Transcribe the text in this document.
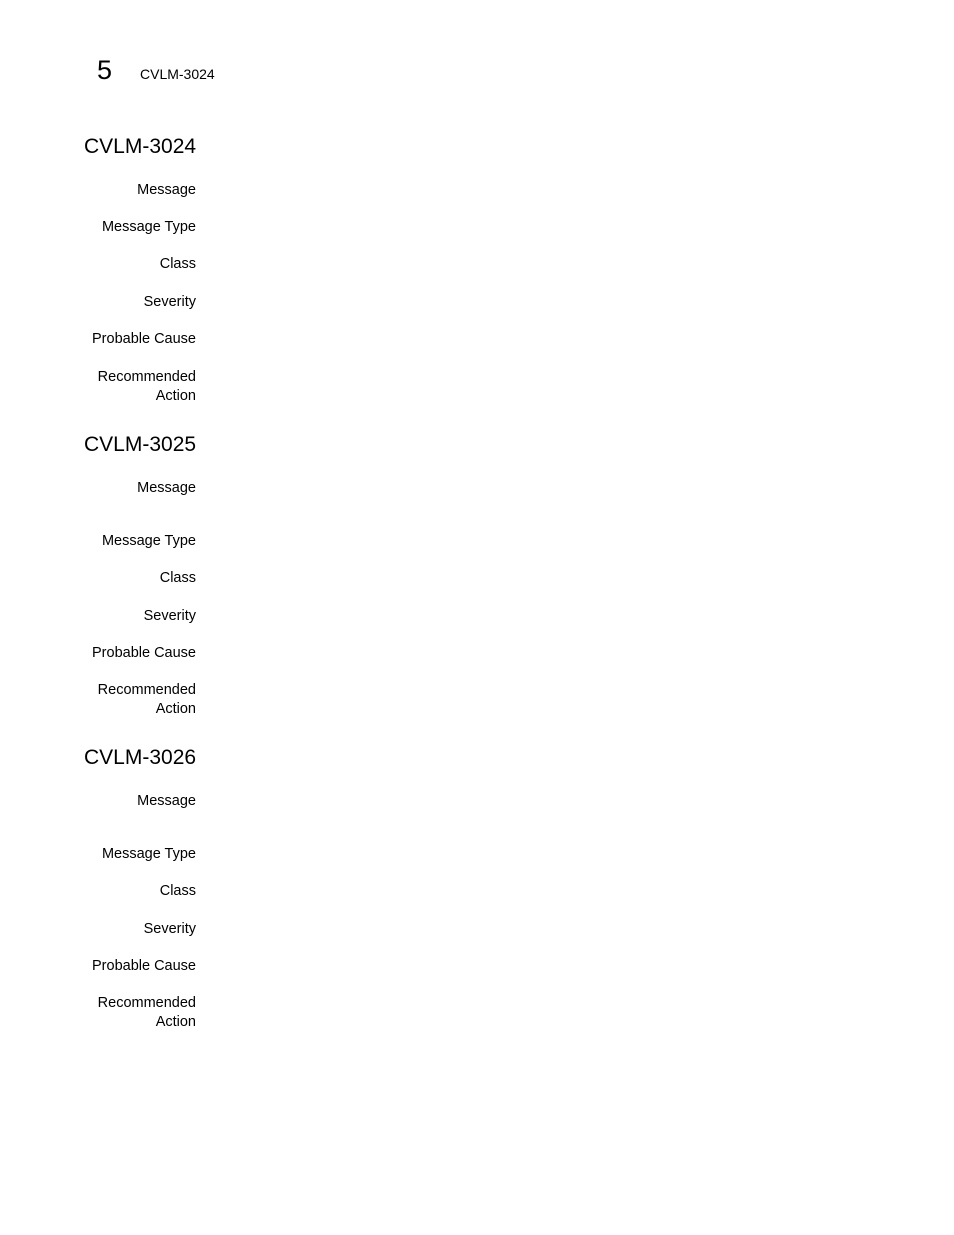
5 CVLM-3024
CVLM-3024
Message
Message Type
Class
Severity
Probable Cause
Recommended
Action
CVLM-3025
Message
Message Type
Class
Severity
Probable Cause
Recommended
Action
CVLM-3026
Message
Message Type
Class
Severity
Probable Cause
Recommended
Action
